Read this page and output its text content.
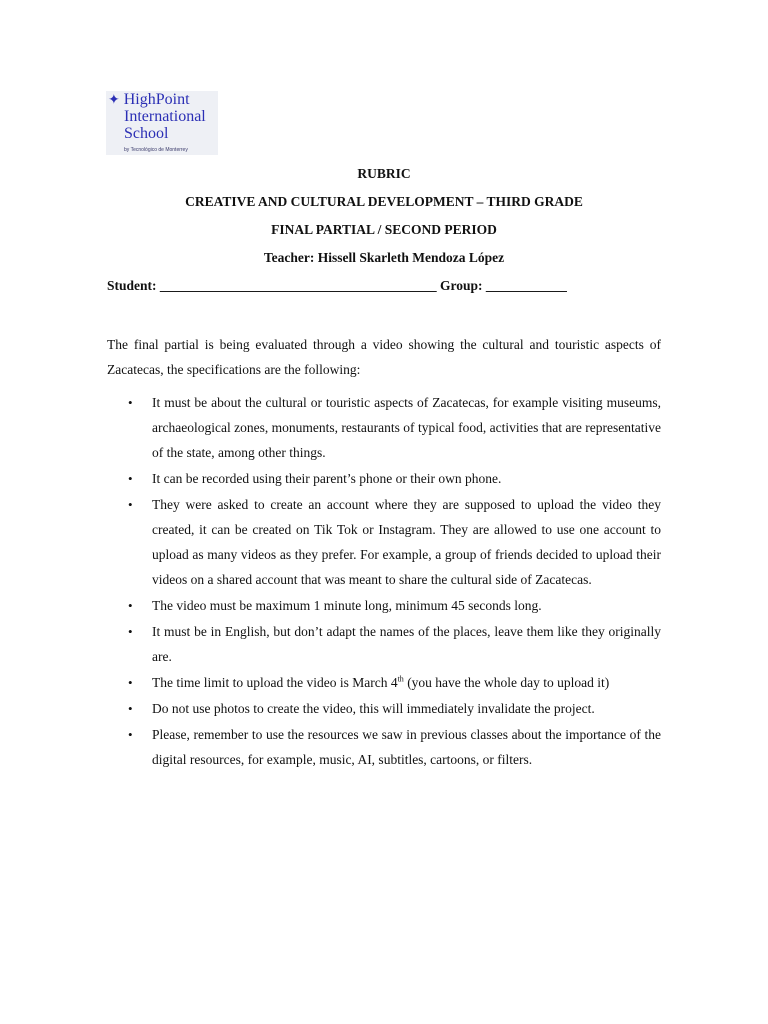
✦ HighPoint
International
School
by Tecnológico de Monterrey
RUBRIC
CREATIVE AND CULTURAL DEVELOPMENT – THIRD GRADE
FINAL PARTIAL / SECOND PERIOD
Teacher: Hissell Skarleth Mendoza López
Student: _________________________________________ Group: ____________
The final partial is being evaluated through a video showing the cultural and touristic aspects of Zacatecas, the specifications are the following:
• It must be about the cultural or touristic aspects of Zacatecas, for example visiting museums, archaeological zones, monuments, restaurants of typical food, activities that are representative of the state, among other things.
• It can be recorded using their parent’s phone or their own phone.
• They were asked to create an account where they are supposed to upload the video they created, it can be created on Tik Tok or Instagram. They are allowed to use one account to upload as many videos as they prefer. For example, a group of friends decided to upload their videos on a shared account that was meant to share the cultural side of Zacatecas.
• The video must be maximum 1 minute long, minimum 45 seconds long.
• It must be in English, but don’t adapt the names of the places, leave them like they originally are.
• The time limit to upload the video is March 4th (you have the whole day to upload it)
• Do not use photos to create the video, this will immediately invalidate the project.
• Please, remember to use the resources we saw in previous classes about the importance of the digital resources, for example, music, AI, subtitles, cartoons, or filters.
